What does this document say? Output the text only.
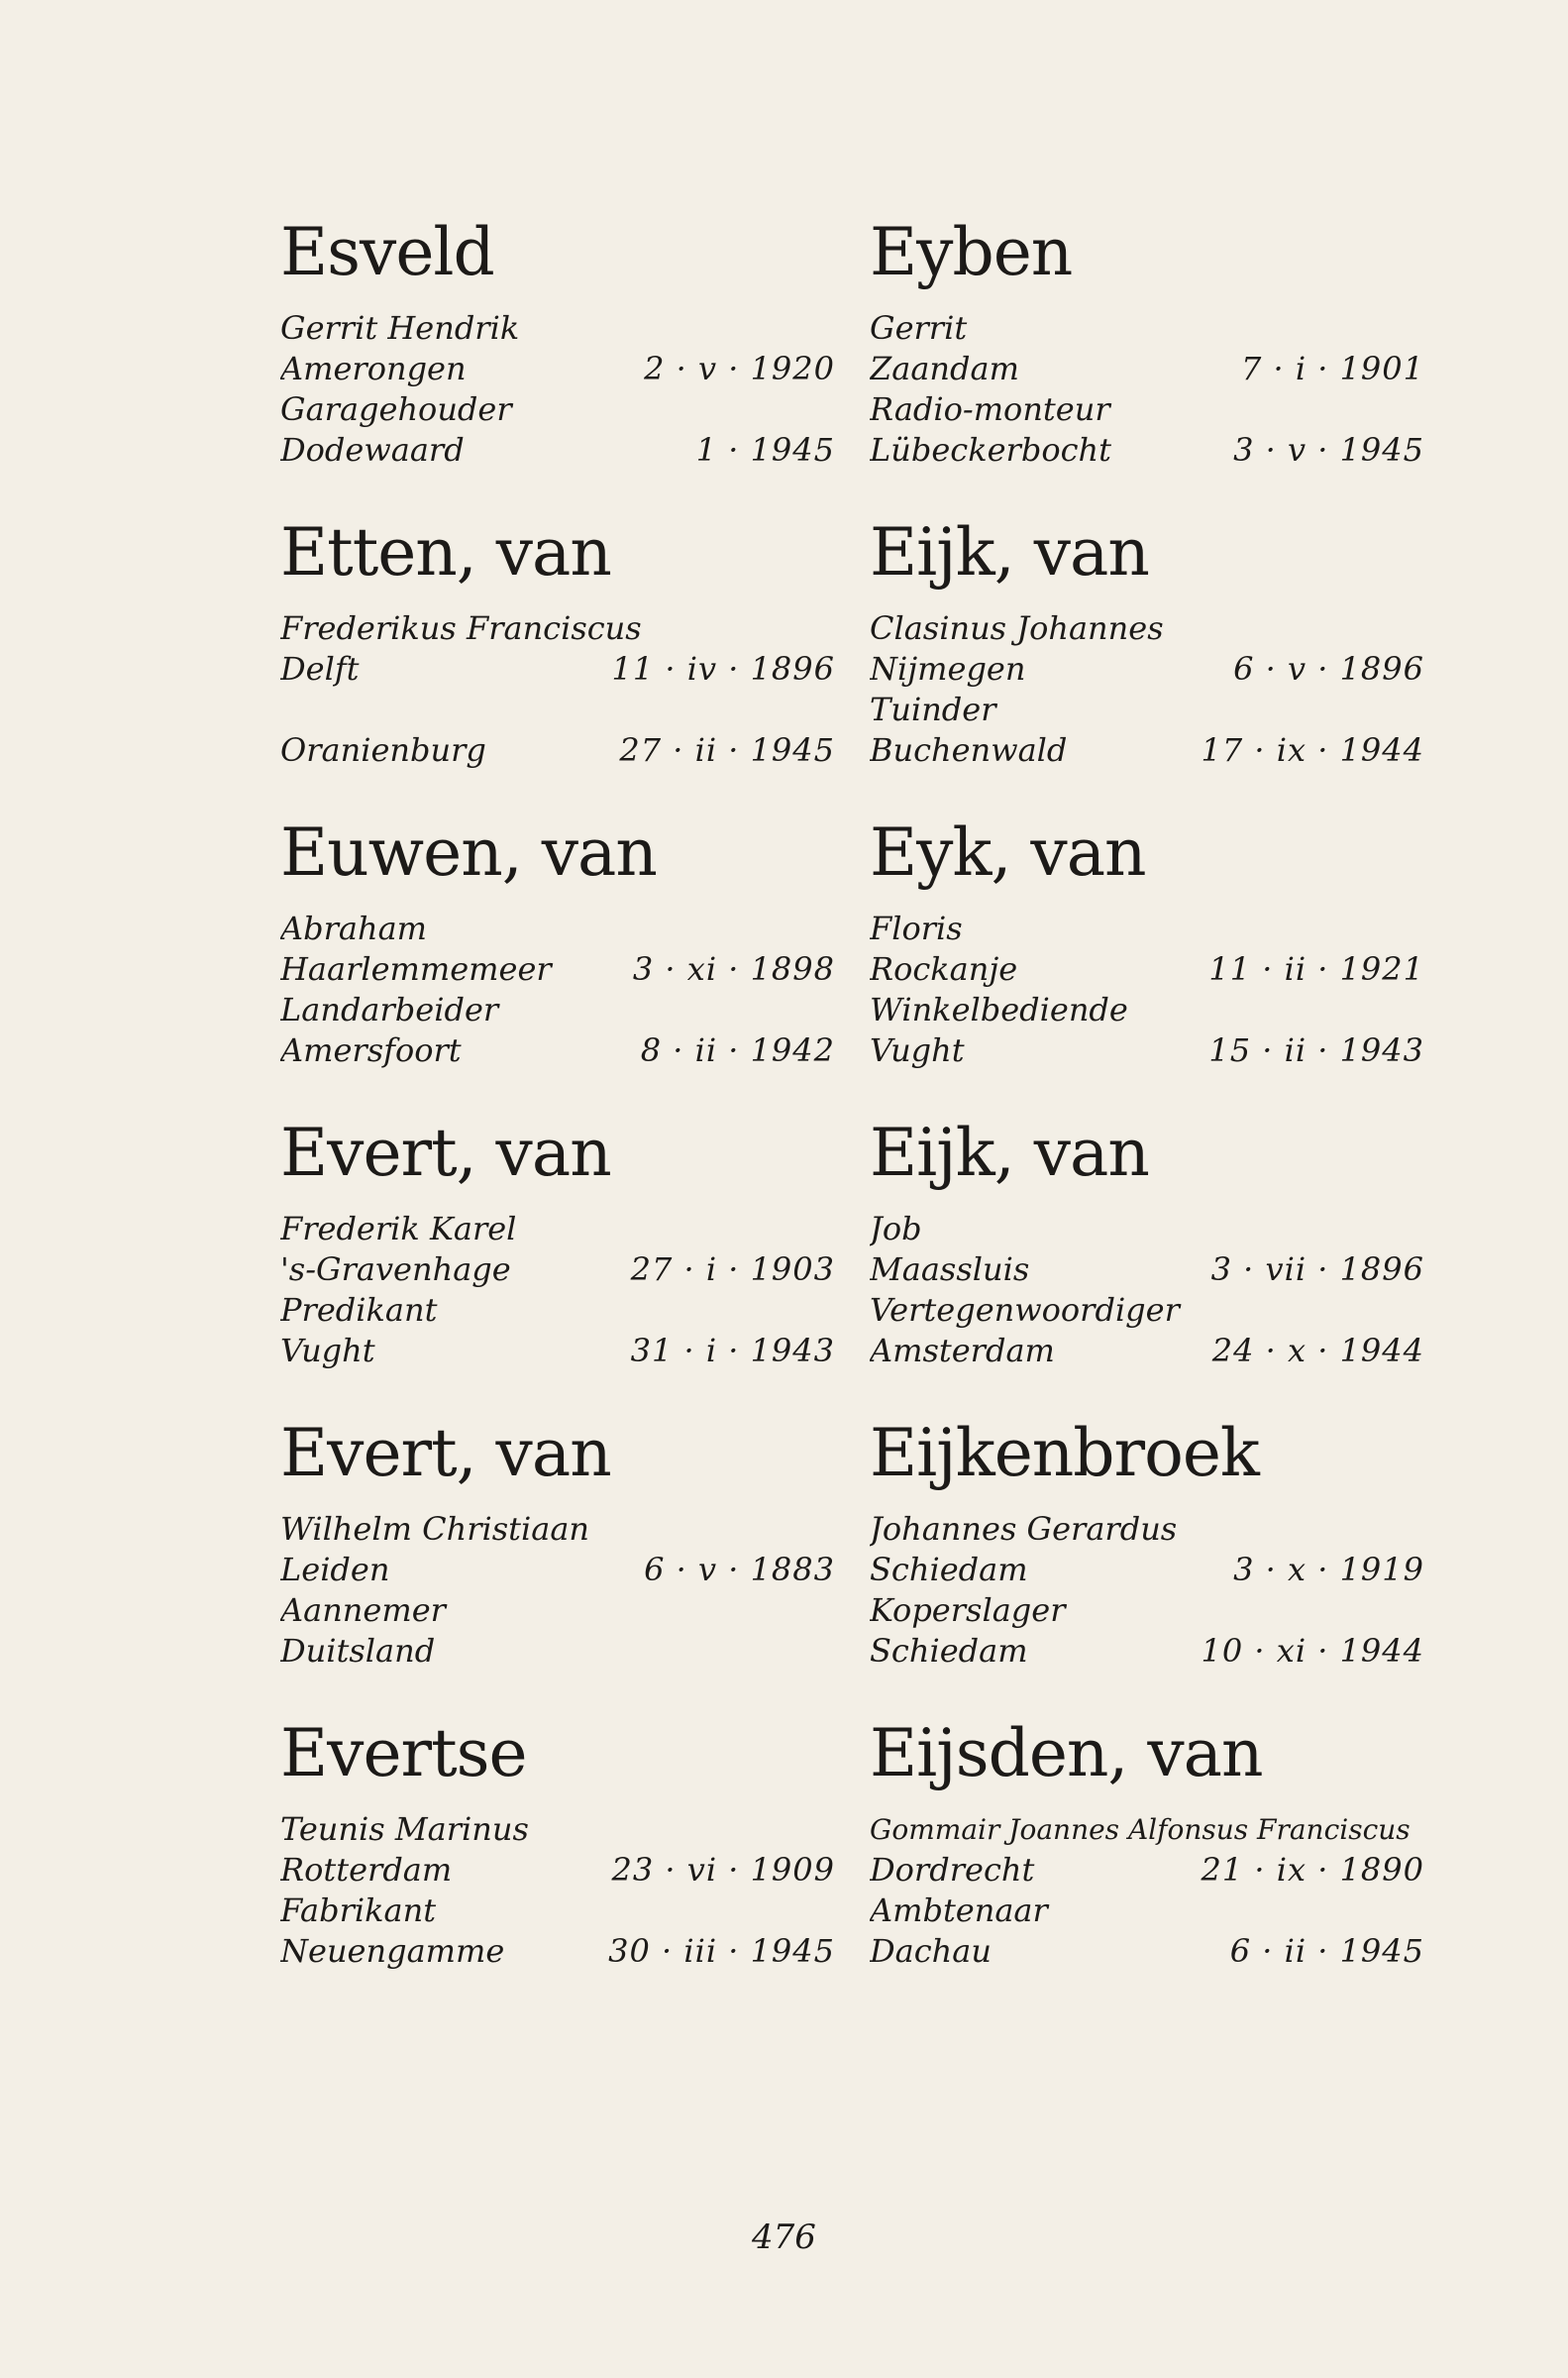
Esveld
Gerrit Hendrik
Amerongen	2 · v · 1920
Garagehouder
Dodewaard	1 · 1945
Etten, van
Frederikus Franciscus
Delft	11 · iv · 1896
Oranienburg	27 · ii · 1945
Euwen, van
Abraham
Haarlemmemeer	3 · xi · 1898
Landarbeider
Amersfoort	8 · ii · 1942
Evert, van
Frederik Karel
's-Gravenhage	27 · i · 1903
Predikant
Vught	31 · i · 1943
Evert, van
Wilhelm Christiaan
Leiden	6 · v · 1883
Aannemer
Duitsland
Evertse
Teunis Marinus
Rotterdam	23 · vi · 1909
Fabrikant
Neuengamme	30 · iii · 1945
Eyben
Gerrit
Zaandam	7 · i · 1901
Radio-monteur
Lübeckerbocht	3 · v · 1945
Eijk, van
Clasinus Johannes
Nijmegen	6 · v · 1896
Tuinder
Buchenwald	17 · ix · 1944
Eyk, van
Floris
Rockanje	11 · ii · 1921
Winkelbediende
Vught	15 · ii · 1943
Eijk, van
Job
Maassluis	3 · vii · 1896
Vertegenwoordiger
Amsterdam	24 · x · 1944
Eijkenbroek
Johannes Gerardus
Schiedam	3 · x · 1919
Koperslager
Schiedam	10 · xi · 1944
Eijsden, van
Gommair Joannes Alfonsus Franciscus
Dordrecht	21 · ix · 1890
Ambtenaar
Dachau	6 · ii · 1945
476
